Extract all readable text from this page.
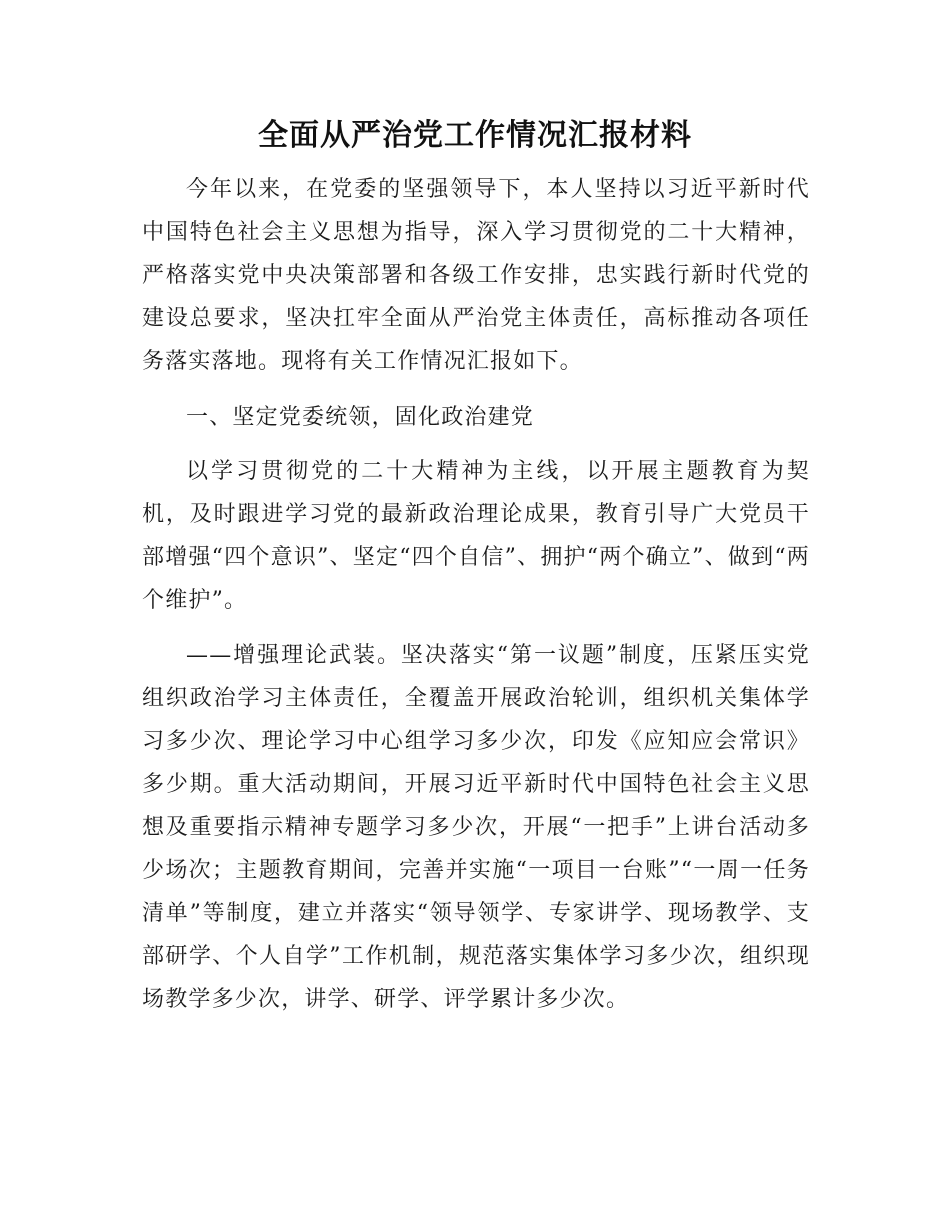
全面从严治党工作情况汇报材料

今年以来，在党委的坚强领导下，本人坚持以习近平新时代中国特色社会主义思想为指导，深入学习贯彻党的二十大精神，严格落实党中央决策部署和各级工作安排，忠实践行新时代党的建设总要求，坚决扛牢全面从严治党主体责任，高标推动各项任务落实落地。现将有关工作情况汇报如下。

一、坚定党委统领，固化政治建党

以学习贯彻党的二十大精神为主线，以开展主题教育为契机，及时跟进学习党的最新政治理论成果，教育引导广大党员干部增强“四个意识”、坚定“四个自信”、拥护“两个确立”、做到“两个维护”。

——增强理论武装。坚决落实“第一议题”制度，压紧压实党组织政治学习主体责任，全覆盖开展政治轮训，组织机关集体学习多少次、理论学习中心组学习多少次，印发《应知应会常识》多少期。重大活动期间，开展习近平新时代中国特色社会主义思想及重要指示精神专题学习多少次，开展“一把手”上讲台活动多少场次；主题教育期间，完善并实施“一项目一台账”“一周一任务清单”等制度，建立并落实“领导领学、专家讲学、现场教学、支部研学、个人自学”工作机制，规范落实集体学习多少次，组织现场教学多少次，讲学、研学、评学累计多少次。
